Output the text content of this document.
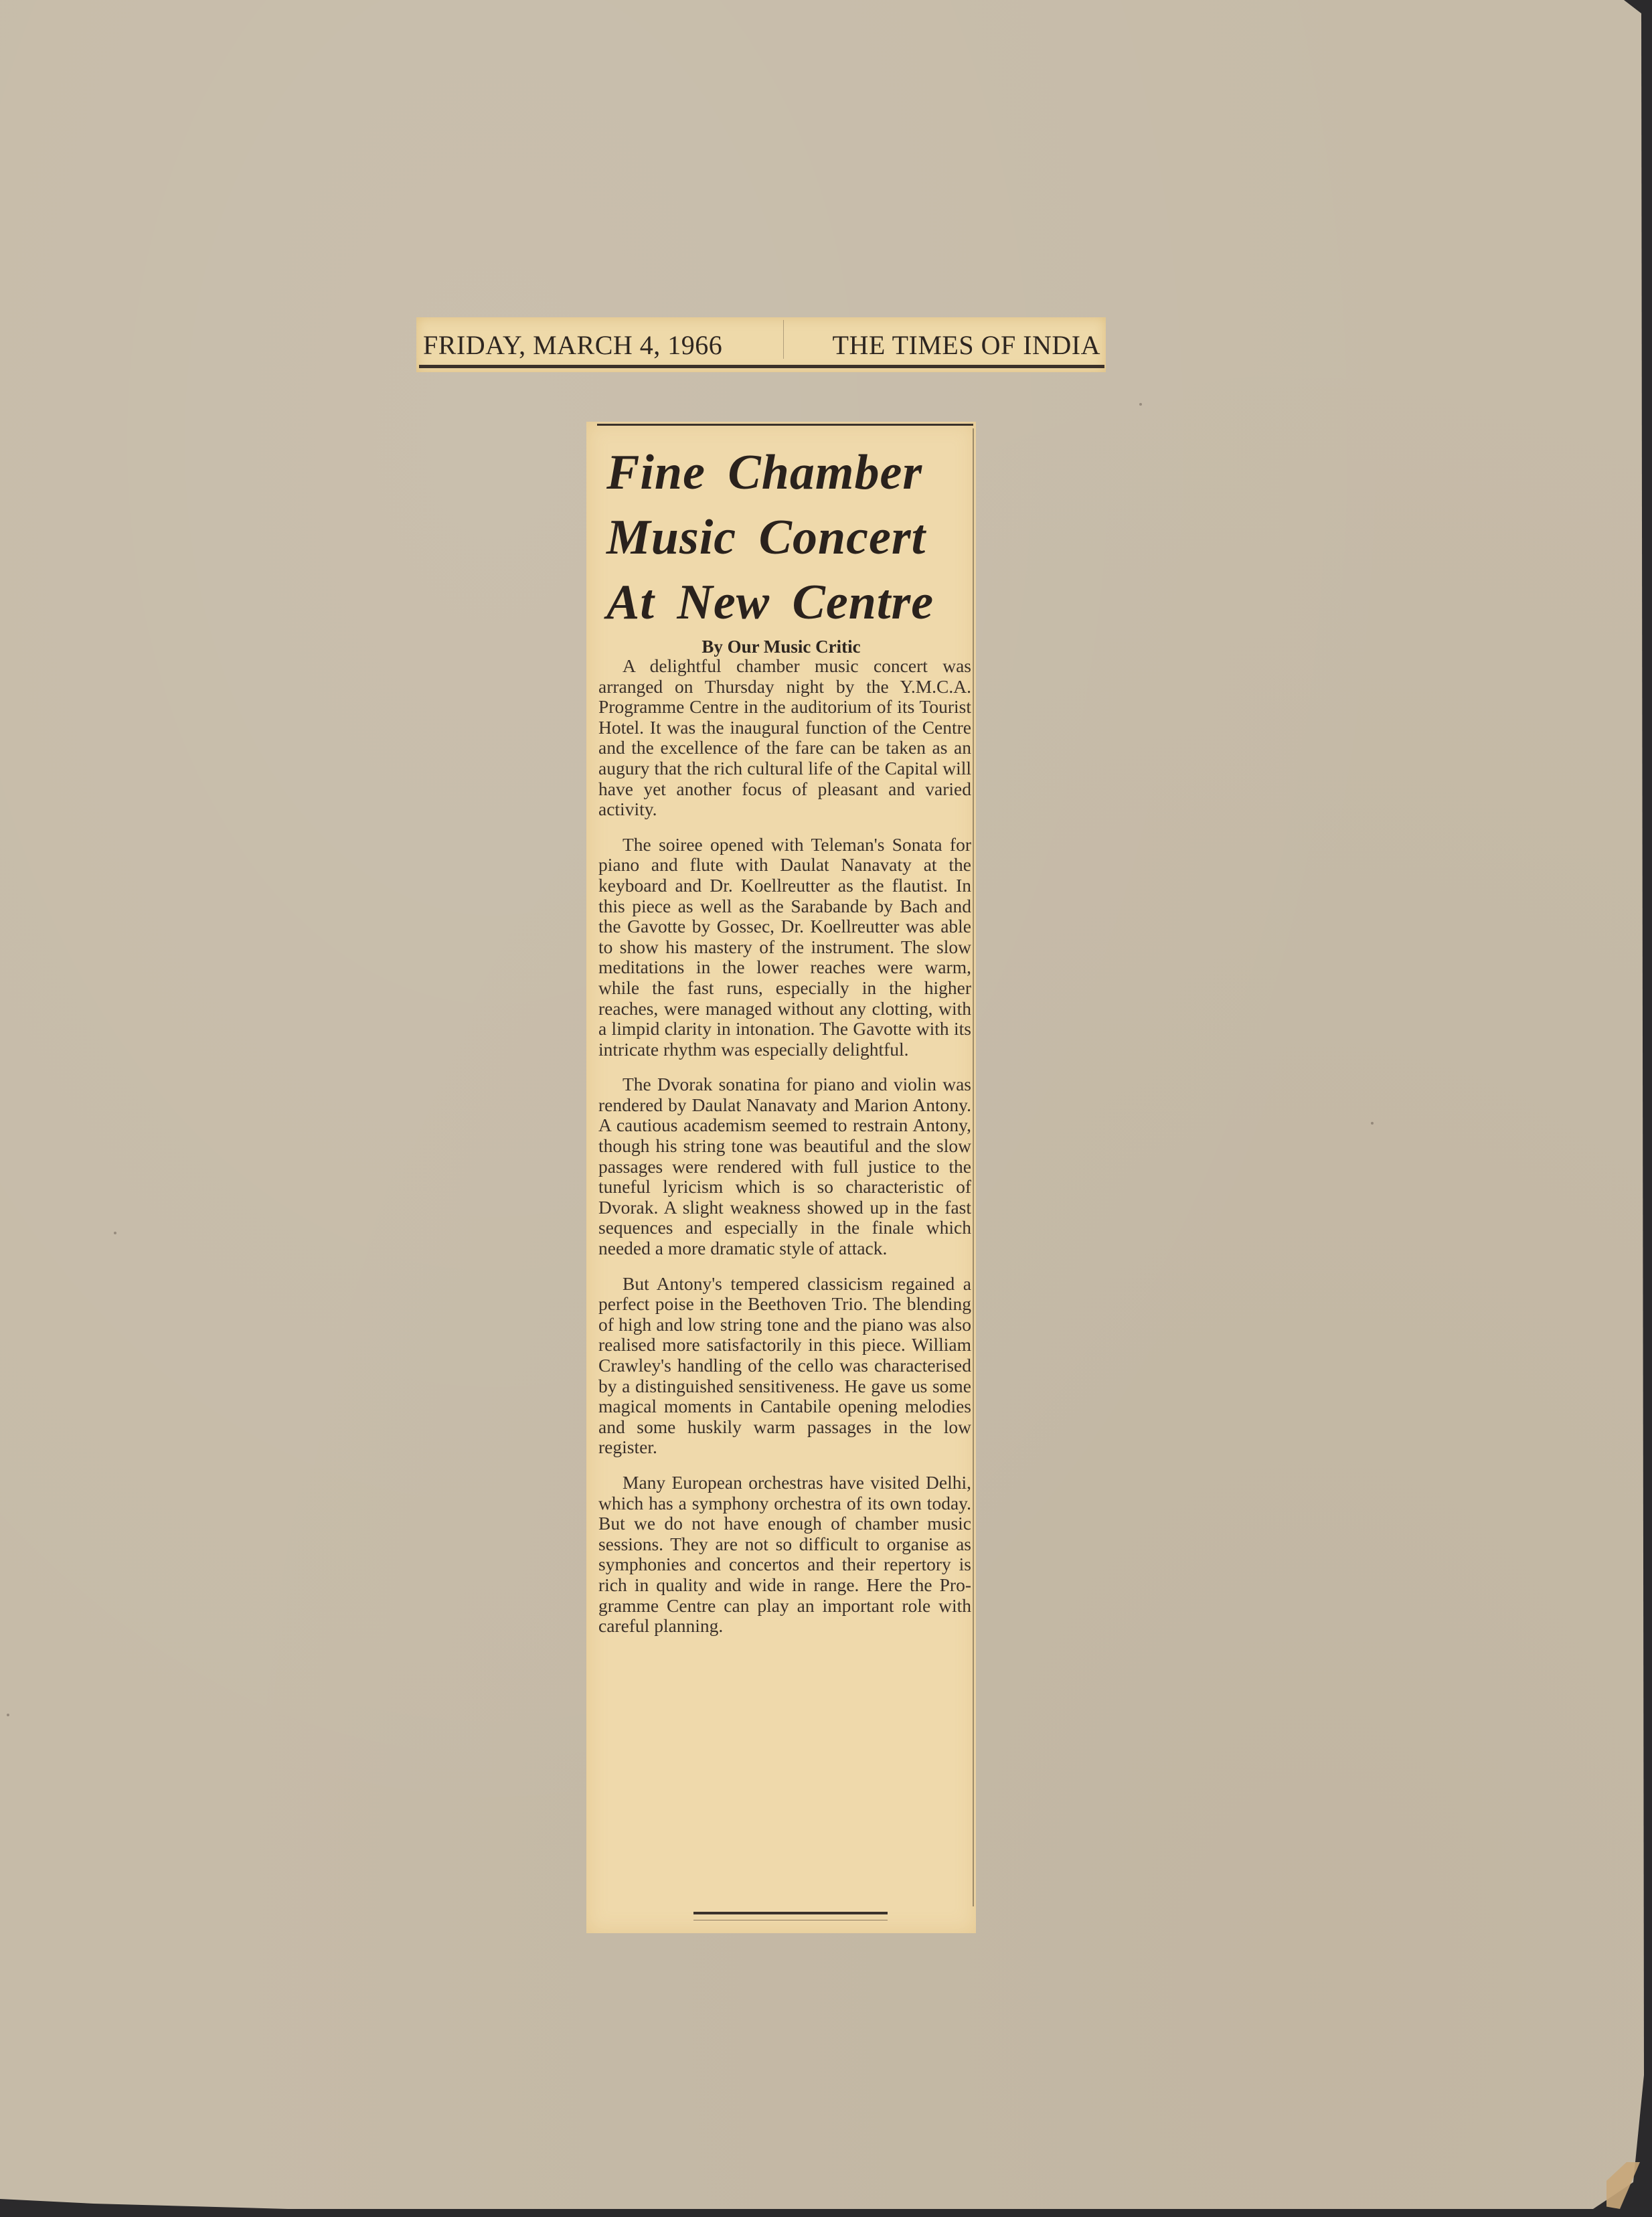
FRIDAY, MARCH 4, 1966	THE TIMES OF INDIA
Fine Chamber
Music Concert
At New Centre
By Our Music Critic

A delightful chamber music concert was arranged on Thursday night by the Y.M.C.A. Programme Centre in the auditorium of its Tourist Hotel. It was the inaugural function of the Centre and the excellence of the fare can be taken as an augury that the rich cultural life of the Capital will have yet another focus of pleasant and varied activity.

The soiree opened with Teleman's Sonata for piano and flute with Daulat Nanavaty at the keyboard and Dr. Koellreutter as the flautist. In this piece as well as the Sarabande by Bach and the Gavotte by Gossec, Dr. Koellreutter was able to show his mastery of the instrument. The slow meditations in the lower reaches were warm, while the fast runs, especially in the higher reaches, were managed without any clotting, with a limpid clarity in intonation. The Gavotte with its intricate rhythm was especially delightful.

The Dvorak sonatina for piano and violin was rendered by Daulat Nanavaty and Marion Antony. A cautious academism seemed to restrain Antony, though his string tone was beautiful and the slow passages were rendered with full justice to the tuneful lyricism which is so characteristic of Dvorak. A slight weakness showed up in the fast sequences and especially in the finale which needed a more dramatic style of attack.

But Antony's tempered classicism regained a perfect poise in the Beethoven Trio. The blending of high and low string tone and the piano was also realised more satisfactorily in this piece. William Crawley's handling of the cello was characterised by a distinguished sensitiveness. He gave us some magical moments in Cantabile opening melodies and some huskily warm passages in the low register.

Many European orchestras have visited Delhi, which has a symphony orchestra of its own today. But we do not have enough of chamber music sessions. They are not so difficult to organise as symphonies and concertos and their repertory is rich in quality and wide in range. Here the Programme Centre can play an important role with careful planning.
